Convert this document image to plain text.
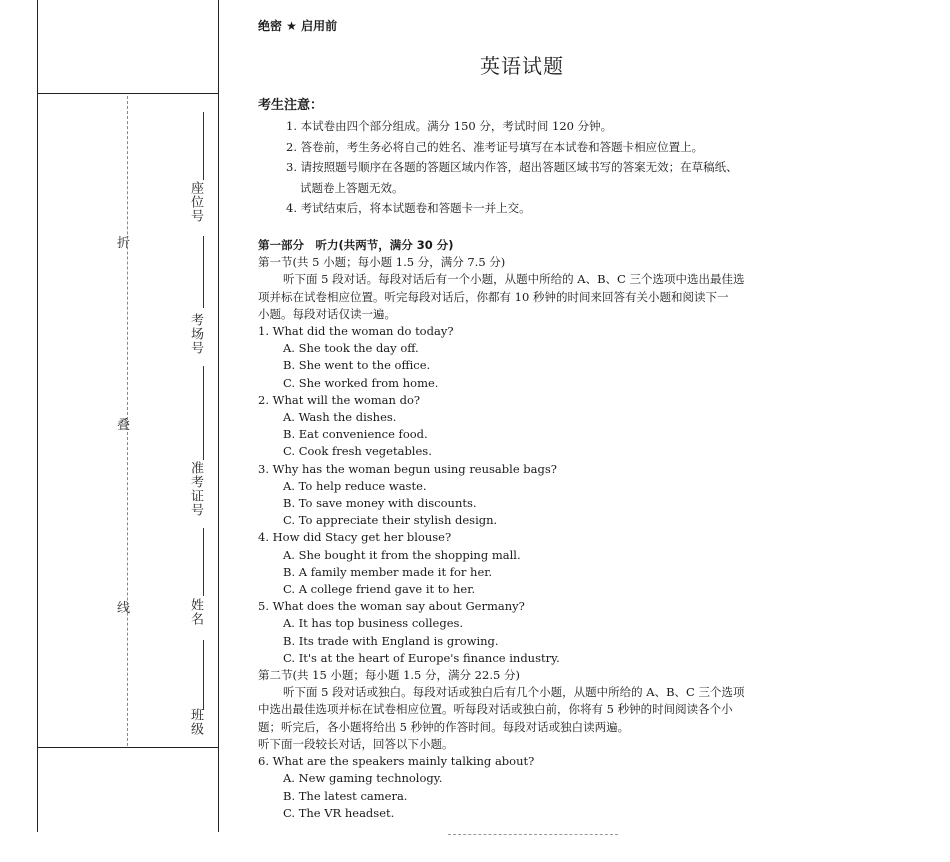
折
叠
线
座位号
考场号
准考证号
姓名
班级
绝密 ★ 启用前
英语试题
考生注意：
1. 本试卷由四个部分组成。满分 150 分，考试时间 120 分钟。
2. 答卷前，考生务必将自己的姓名、准考证号填写在本试卷和答题卡相应位置上。
3. 请按照题号顺序在各题的答题区域内作答，超出答题区域书写的答案无效；在草稿纸、
试题卷上答题无效。
4. 考试结束后，将本试题卷和答题卡一并上交。
第一部分　听力(共两节，满分 30 分)
第一节(共 5 小题；每小题 1.5 分，满分 7.5 分)
听下面 5 段对话。每段对话后有一个小题，从题中所给的 A、B、C 三个选项中选出最佳选
项并标在试卷相应位置。听完每段对话后，你都有 10 秒钟的时间来回答有关小题和阅读下一
小题。每段对话仅读一遍。
1. What did the woman do today?
A. She took the day off.
B. She went to the office.
C. She worked from home.
2. What will the woman do?
A. Wash the dishes.
B. Eat convenience food.
C. Cook fresh vegetables.
3. Why has the woman begun using reusable bags?
A. To help reduce waste.
B. To save money with discounts.
C. To appreciate their stylish design.
4. How did Stacy get her blouse?
A. She bought it from the shopping mall.
B. A family member made it for her.
C. A college friend gave it to her.
5. What does the woman say about Germany?
A. It has top business colleges.
B. Its trade with England is growing.
C. It's at the heart of Europe's finance industry.
第二节(共 15 小题；每小题 1.5 分，满分 22.5 分)
听下面 5 段对话或独白。每段对话或独白后有几个小题，从题中所给的 A、B、C 三个选项
中选出最佳选项并标在试卷相应位置。听每段对话或独白前，你将有 5 秒钟的时间阅读各个小
题；听完后，各小题将给出 5 秒钟的作答时间。每段对话或独白读两遍。
听下面一段较长对话，回答以下小题。
6. What are the speakers mainly talking about?
A. New gaming technology.
B. The latest camera.
C. The VR headset.
